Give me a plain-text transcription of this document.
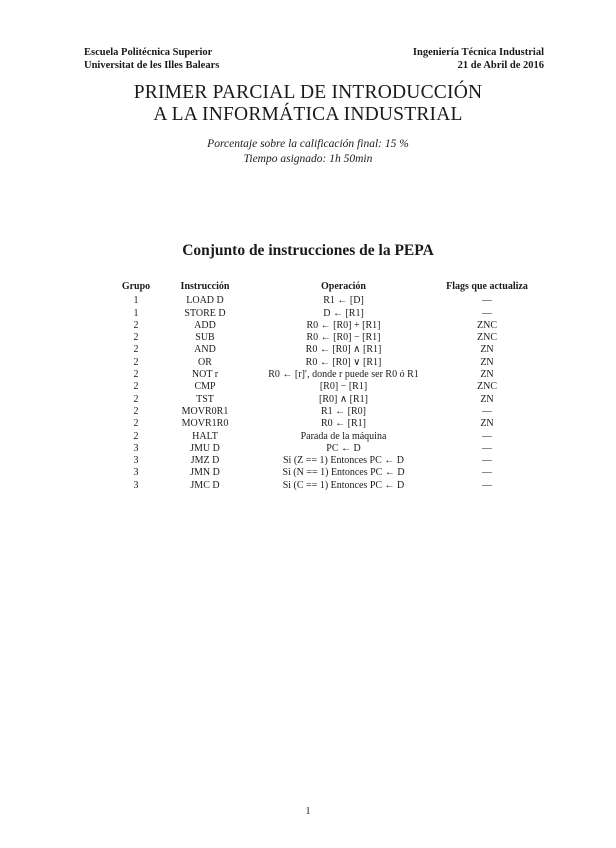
Escuela Politécnica Superior
Universitat de les Illes Balears
Ingeniería Técnica Industrial
21 de Abril de 2016
PRIMER PARCIAL DE INTRODUCCIÓN
A LA INFORMÁTICA INDUSTRIAL
Porcentaje sobre la calificación final: 15 %
Tiempo asignado: 1h 50min
Conjunto de instrucciones de la PEPA
Grupo	Instrucción	Operación	Flags que actualiza
1	LOAD D	R1 ← [D]	—
1	STORE D	D ← [R1]	—
2	ADD	R0 ← [R0] + [R1]	ZNC
2	SUB	R0 ← [R0] − [R1]	ZNC
2	AND	R0 ← [R0] ∧ [R1]	ZN
2	OR	R0 ← [R0] ∨ [R1]	ZN
2	NOT r	R0 ← [r]′, donde r puede ser R0 ó R1	ZN
2	CMP	[R0] − [R1]	ZNC
2	TST	[R0] ∧ [R1]	ZN
2	MOVR0R1	R1 ← [R0]	—
2	MOVR1R0	R0 ← [R1]	ZN
2	HALT	Parada de la máquina	—
3	JMU D	PC ← D	—
3	JMZ D	Si (Z == 1) Entonces PC ← D	—
3	JMN D	Si (N == 1) Entonces PC ← D	—
3	JMC D	Si (C == 1) Entonces PC ← D	—
1
